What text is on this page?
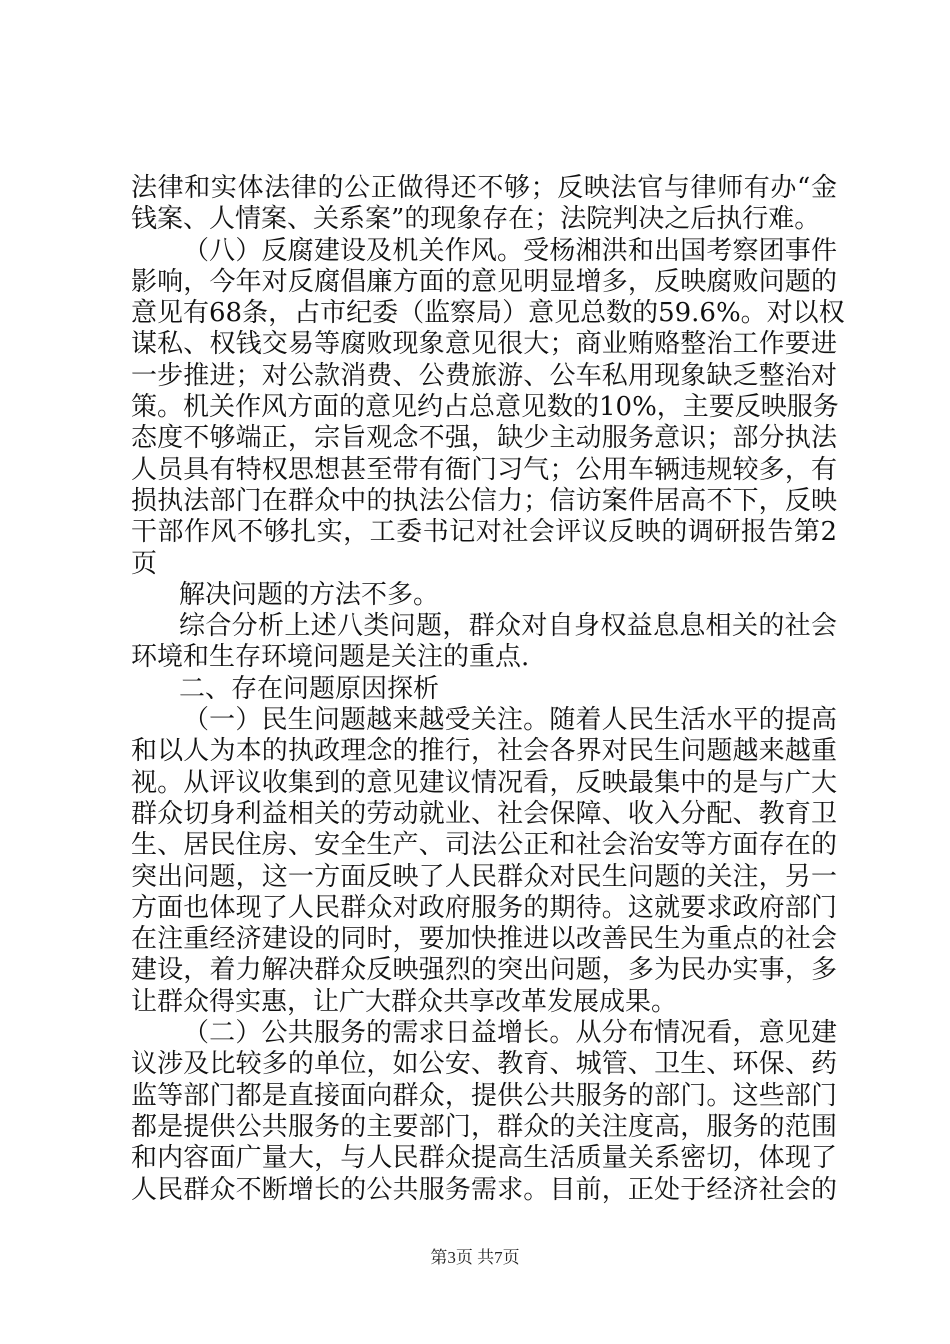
法律和实体法律的公正做得还不够；反映法官与律师有办“金
钱案、人情案、关系案”的现象存在；法院判决之后执行难。
（八）反腐建设及机关作风。受杨湘洪和出国考察团事件
影响，今年对反腐倡廉方面的意见明显增多，反映腐败问题的
意见有68条，占市纪委（监察局）意见总数的59.6%。对以权
谋私、权钱交易等腐败现象意见很大；商业贿赂整治工作要进
一步推进；对公款消费、公费旅游、公车私用现象缺乏整治对
策。机关作风方面的意见约占总意见数的10%，主要反映服务
态度不够端正，宗旨观念不强，缺少主动服务意识；部分执法
人员具有特权思想甚至带有衙门习气；公用车辆违规较多，有
损执法部门在群众中的执法公信力；信访案件居高不下，反映
干部作风不够扎实，工委书记对社会评议反映的调研报告第2
页
解决问题的方法不多。
综合分析上述八类问题，群众对自身权益息息相关的社会
环境和生存环境问题是关注的重点.
二、存在问题原因探析
（一）民生问题越来越受关注。随着人民生活水平的提高
和以人为本的执政理念的推行，社会各界对民生问题越来越重
视。从评议收集到的意见建议情况看，反映最集中的是与广大
群众切身利益相关的劳动就业、社会保障、收入分配、教育卫
生、居民住房、安全生产、司法公正和社会治安等方面存在的
突出问题，这一方面反映了人民群众对民生问题的关注，另一
方面也体现了人民群众对政府服务的期待。这就要求政府部门
在注重经济建设的同时，要加快推进以改善民生为重点的社会
建设，着力解决群众反映强烈的突出问题，多为民办实事，多
让群众得实惠，让广大群众共享改革发展成果。
（二）公共服务的需求日益增长。从分布情况看，意见建
议涉及比较多的单位，如公安、教育、城管、卫生、环保、药
监等部门都是直接面向群众，提供公共服务的部门。这些部门
都是提供公共服务的主要部门，群众的关注度高，服务的范围
和内容面广量大，与人民群众提高生活质量关系密切，体现了
人民群众不断增长的公共服务需求。目前，正处于经济社会的
第3页 共7页
